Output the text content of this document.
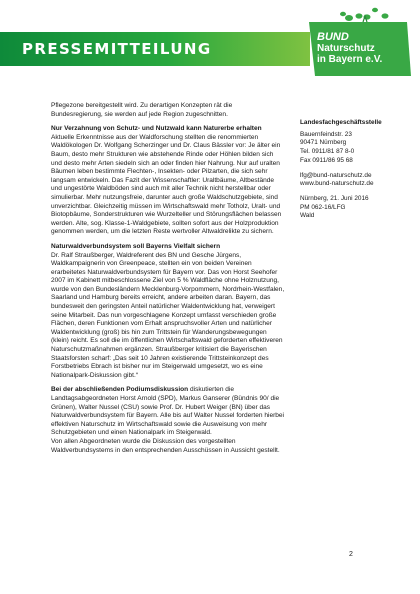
PRESSEMITTEILUNG
BUND
Naturschutz
in Bayern e.V.

Pflegezone bereitgestellt wird. Zu derartigen Konzepten rät die Bundesregierung, sie werden auf jede Region zugeschnitten.

Nur Verzahnung von Schutz- und Nutzwald kann Naturerbe erhalten
Aktuelle Erkenntnisse aus der Waldforschung stellten die renommierten Waldökologen Dr. Wolfgang Scherzinger und Dr. Claus Bässler vor: Je älter ein Baum, desto mehr Strukturen wie abstehende Rinde oder Höhlen bilden sich und desto mehr Arten siedeln sich an oder finden hier Nahrung. Nur auf uralten Bäumen leben bestimmte Flechten-, Insekten- oder Pilzarten, die sich sehr langsam entwickeln. Das Fazit der Wissenschaftler: Uraltbäume, Altbestände und ungestörte Waldböden sind auch mit aller Technik nicht herstellbar oder simulierbar. Mehr nutzungsfreie, darunter auch große Waldschutzgebiete, sind unverzichtbar. Gleichzeitig müssen im Wirtschaftswald mehr Totholz, Uralt- und Biotopbäume, Sonderstrukturen wie Wurzelteller und Störungsflächen belassen werden. Alte, sog. Klasse-1-Waldgebiete, sollten sofort aus der Holzproduktion genommen werden, um die letzten Reste wertvoller Altwaldrelikte zu sichern.

Naturwaldverbundsystem soll Bayerns Vielfalt sichern
Dr. Ralf Straußberger, Waldreferent des BN und Gesche Jürgens, Waldkampaignerin von Greenpeace, stellten ein von beiden Vereinen erarbeitetes Naturwaldverbundsystem für Bayern vor. Das von Horst Seehofer 2007 im Kabinett mitbeschlossene Ziel von 5 % Waldfläche ohne Holznutzung, wurde von den Bundesländern Mecklenburg-Vorpommern, Nordrhein-Westfalen, Saarland und Hamburg bereits erreicht, andere arbeiten daran. Bayern, das bundesweit den geringsten Anteil natürlicher Waldentwicklung hat, verweigert seine Mitarbeit. Das nun vorgeschlagene Konzept umfasst verschieden große Flächen, deren Funktionen vom Erhalt anspruchsvoller Arten und natürlicher Waldentwicklung (groß) bis hin zum Trittstein für Wanderungsbewegungen (klein) reicht. Es soll die im öffentlichen Wirtschaftswald geforderten effektiveren Naturschutzmaßnahmen ergänzen. Straußberger kritisiert die Bayerischen Staatsforsten scharf: „Das seit 10 Jahren existierende Trittsteinkonzept des Forstbetriebs Ebrach ist bisher nur im Steigerwald umgesetzt, wo es eine Nationalpark-Diskussion gibt.“

Bei der abschließenden Podiumsdiskussion diskutierten die Landtagsabgeordneten Horst Arnold (SPD), Markus Ganserer (Bündnis 90/ die Grünen), Walter Nussel (CSU) sowie Prof. Dr. Hubert Weiger (BN) über das Naturwaldverbundsystem für Bayern. Alle bis auf Walter Nussel forderten hierbei effektiven Naturschutz im Wirtschaftswald sowie die Ausweisung von mehr Schutzgebieten und einen Nationalpark im Steigerwald.
Von allen Abgeordneten wurde die Diskussion des vorgestellten Waldverbundsystems in den entsprechenden Ausschüssen in Aussicht gestellt.

Landesfachgeschäftsstelle
Bauernfeindstr. 23
90471 Nürnberg
Tel. 0911/81 87 8-0
Fax 0911/86 95 68
lfg@bund-naturschutz.de
www.bund-naturschutz.de
Nürnberg, 21. Juni 2016
PM 062-16/LFG
Wald
2
